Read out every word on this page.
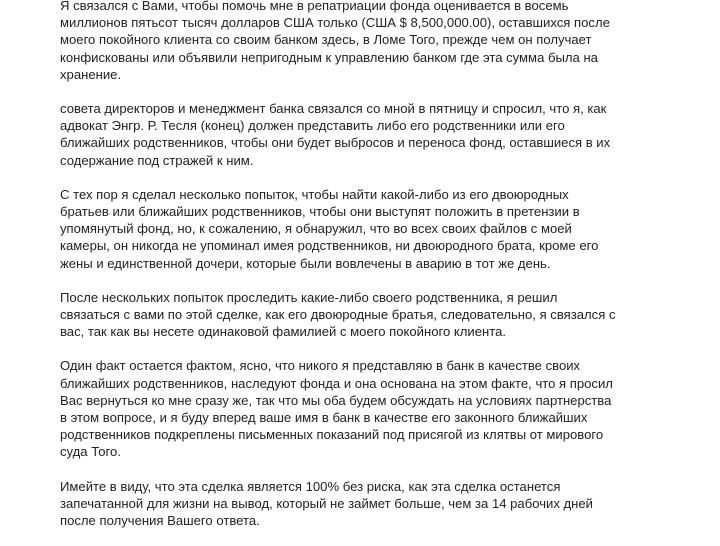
Я связался с Вами, чтобы помочь мне в репатриации фонда оценивается в восемь
миллионов пятьсот тысяч долларов США только (США $ 8,500,000.00), оставшихся после
моего покойного клиента со своим банком здесь, в Ломе Того, прежде чем он получает
конфискованы или объявили непригодным к управлению банком где эта сумма была на
хранение.

совета директоров и менеджмент банка связался со мной в пятницу и спросил, что я, как
адвокат Энгр. Р. Тесля (конец) должен представить либо его родственники или его
ближайших родственников, чтобы они будет выбросов и переноса фонд, оставшиеся в их
содержание под стражей к ним.

С тех пор я сделал несколько попыток, чтобы найти какой-либо из его двоюродных
братьев или ближайших родственников, чтобы они выступят положить в претензии в
упомянутый фонд, но, к сожалению, я обнаружил, что во всех своих файлов с моей
камеры, он никогда не упоминал имея родственников, ни двоюродного брата, кроме его
жены и единственной дочери, которые были вовлечены в аварию в тот же день.

После нескольких попыток проследить какие-либо своего родственника, я решил
связаться с вами по этой сделке, как его двоюродные братья, следовательно, я связался с
вас, так как вы несете одинаковой фамилией с моего покойного клиента.

Один факт остается фактом, ясно, что никого я представляю в банк в качестве своих
ближайших родственников, наследуют фонда и она основана на этом факте, что я просил
Вас вернуться ко мне сразу же, так что мы оба будем обсуждать на условиях партнерства
в этом вопросе, и я буду вперед ваше имя в банк в качестве его законного ближайших
родственников подкреплены письменных показаний под присягой из клятвы от мирового
суда Того.

Имейте в виду, что эта сделка является 100% без риска, как эта сделка останется
запечатанной для жизни на вывод, который не займет больше, чем за 14 рабочих дней
после получения Вашего ответа.
